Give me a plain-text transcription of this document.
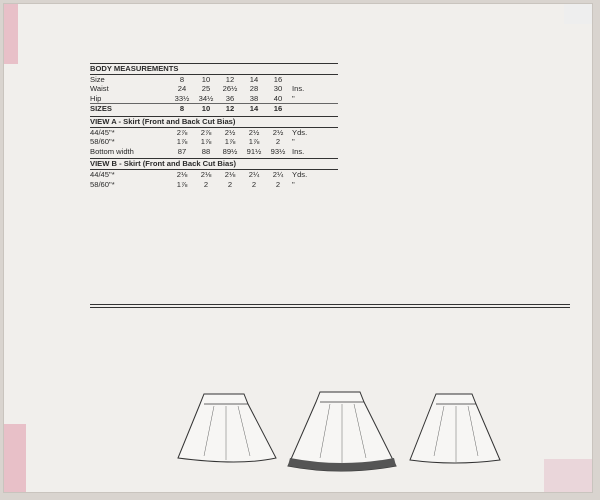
BODY MEASUREMENTS
Size	8	10	12	14	16
Waist	24	25	26½	28	30	Ins.
Hip	33½	34½	36	38	40	"
SIZES	8	10	12	14	16
VIEW A - Skirt (Front and Back Cut Bias)
44/45"*	2⅞	2⅞	2½	2½	2½	Yds.
58/60"*	1⅞	1⅞	1⅞	1⅞	2	"
Bottom width	87	88	89½	91½	93½ Ins.
VIEW B - Skirt (Front and Back Cut Bias)
44/45"*	2⅛	2⅛	2⅛	2¼	2¼	Yds.
58/60"*	1⅞	2	2	2	2	"
